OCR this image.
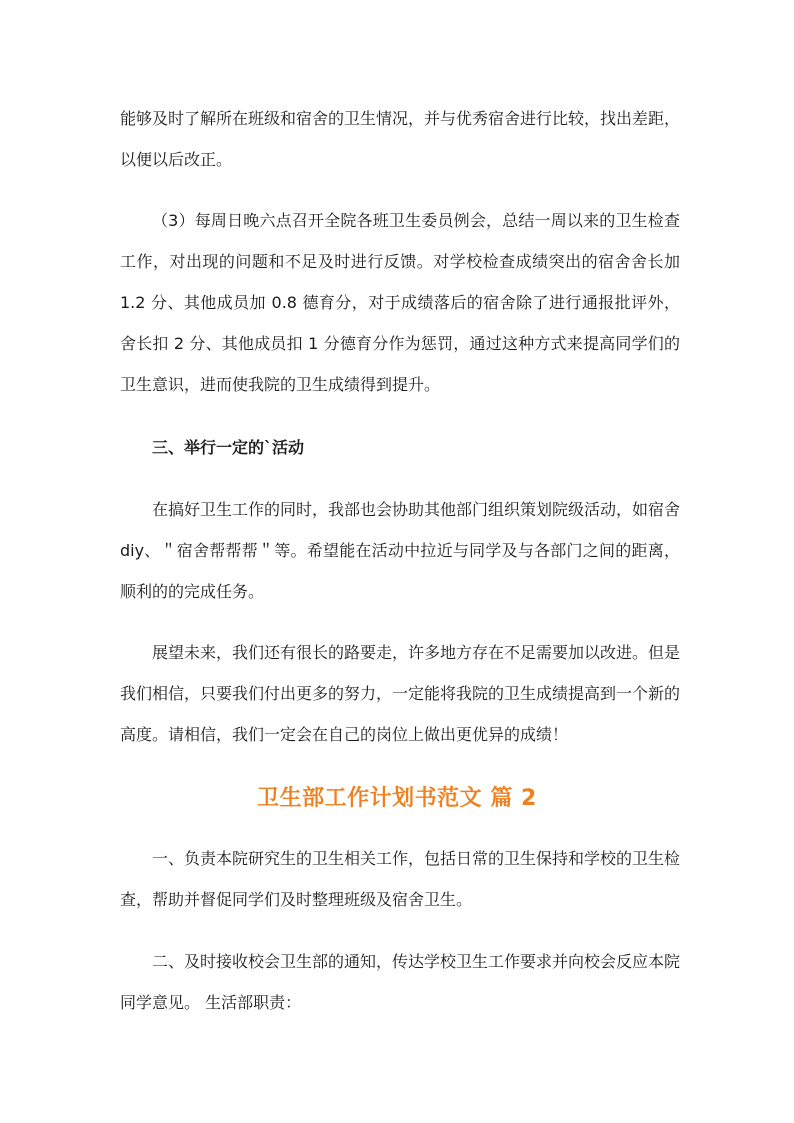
能够及时了解所在班级和宿舍的卫生情况，并与优秀宿舍进行比较，找出差距，以便以后改正。

（3）每周日晚六点召开全院各班卫生委员例会，总结一周以来的卫生检查工作，对出现的问题和不足及时进行反馈。对学校检查成绩突出的宿舍舍长加1.2 分、其他成员加 0.8 德育分，对于成绩落后的宿舍除了进行通报批评外，舍长扣 2 分、其他成员扣 1 分德育分作为惩罚，通过这种方式来提高同学们的卫生意识，进而使我院的卫生成绩得到提升。

三、举行一定的`活动

在搞好卫生工作的同时，我部也会协助其他部门组织策划院级活动，如宿舍diy、＂宿舍帮帮帮＂等。希望能在活动中拉近与同学及与各部门之间的距离，顺利的的完成任务。

展望未来，我们还有很长的路要走，许多地方存在不足需要加以改进。但是我们相信，只要我们付出更多的努力，一定能将我院的卫生成绩提高到一个新的高度。请相信，我们一定会在自己的岗位上做出更优异的成绩！

卫生部工作计划书范文 篇 2

一、负责本院研究生的卫生相关工作，包括日常的卫生保持和学校的卫生检查，帮助并督促同学们及时整理班级及宿舍卫生。

二、及时接收校会卫生部的通知，传达学校卫生工作要求并向校会反应本院同学意见。 生活部职责：
